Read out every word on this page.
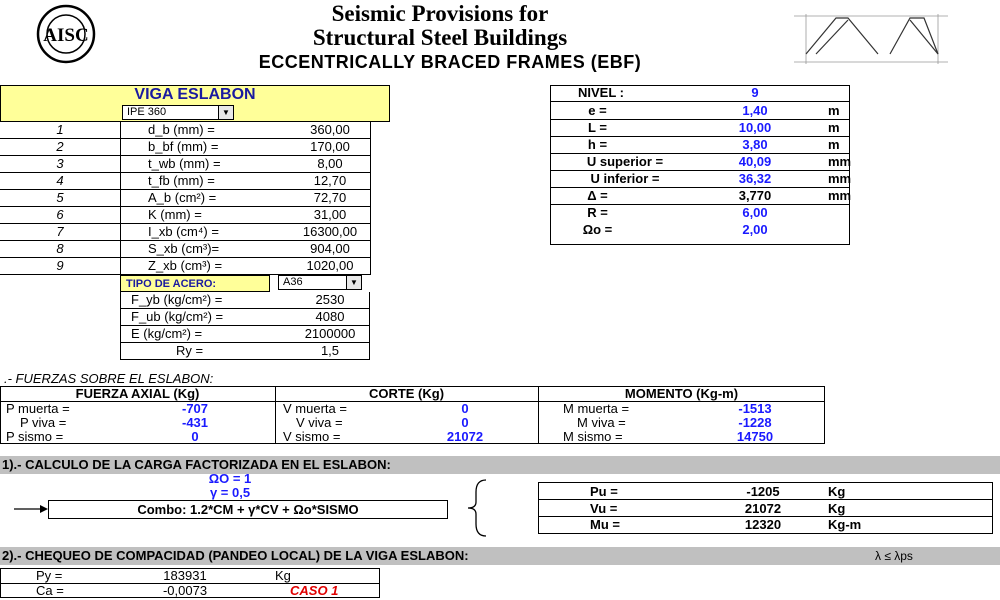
AISC
Seismic Provisions for
Structural Steel Buildings
ECCENTRICALLY BRACED FRAMES (EBF)
VIGA ESLABON
IPE 360	▼
1	d_b (mm) =	360,00
2	b_bf (mm) =	170,00
3	t_wb (mm) =	8,00
4	t_fb (mm) =	12,70
5	A_b (cm²) =	72,70
6	K (mm) =	31,00
7	I_xb (cm⁴) =	16300,00
8	S_xb (cm³)=	904,00
9	Z_xb (cm³) =	1020,00
TIPO DE ACERO:	A36	▼
F_yb (kg/cm²) =	2530
F_ub (kg/cm²) =	4080
E (kg/cm²) =	2100000
Ry =	1,5
NIVEL :	9
e =	1,40	m
L =	10,00	m
h =	3,80	m
U superior =	40,09	mm
U inferior =	36,32	mm
Δ =	3,770	mm
R =	6,00
Ωo =	2,00
.- FUERZAS SOBRE EL ESLABON:
FUERZA AXIAL (Kg)	CORTE (Kg)	MOMENTO (Kg-m)
P muerta =	-707	V muerta =	0	M muerta =	-1513
P viva =	-431	V viva =	0	M viva =	-1228
P sismo =	0	V sismo =	21072	M sismo =	14750
1).- CALCULO DE LA CARGA FACTORIZADA EN EL ESLABON:
ΩO = 1
γ = 0,5
Combo: 1.2*CM + γ*CV + Ωo*SISMO
Pu =	-1205	Kg
Vu =	21072	Kg
Mu =	12320	Kg-m
2).- CHEQUEO DE COMPACIDAD (PANDEO LOCAL) DE LA VIGA ESLABON:	λ ≤ λps
Py =	183931	Kg
Ca =	-0,0073	CASO 1
